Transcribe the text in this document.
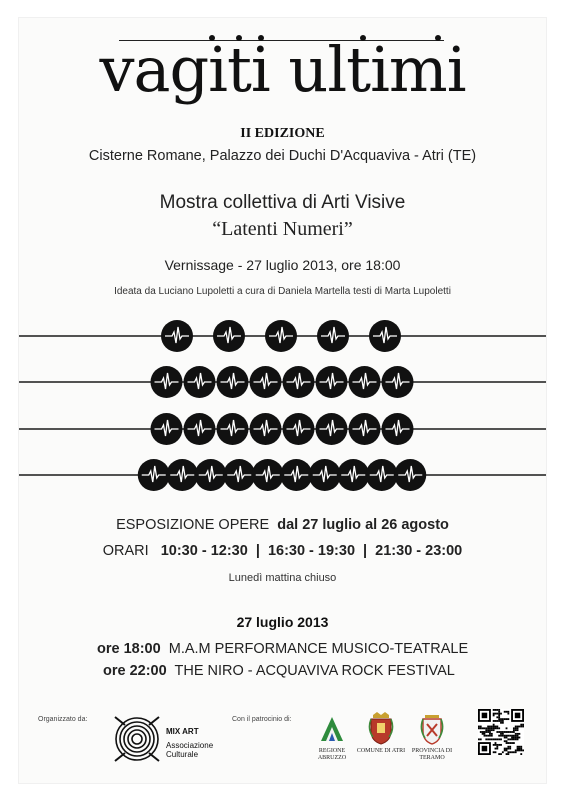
vagiti ultimi
II EDIZIONE
Cisterne Romane, Palazzo dei Duchi D'Acquaviva - Atri (TE)
Mostra collettiva di Arti Visive
“Latenti Numeri”
Vernissage - 27 luglio 2013, ore 18:00
Ideata da Luciano Lupoletti a cura di Daniela Martella testi di Marta Lupoletti
ESPOSIZIONE OPERE dal 27 luglio al 26 agosto
ORARI 10:30 - 12:30  |  16:30 - 19:30  |  21:30 - 23:00
Lunedì mattina chiuso
27 luglio 2013
ore 18:00 M.A.M PERFORMANCE MUSICO-TEATRALE
ore 22:00 THE NIRO - ACQUAVIVA ROCK FESTIVAL
Organizzato da:
MIX ART
Associazione Culturale
Con il patrocinio di:
REGIONE ABRUZZO
COMUNE DI ATRI	PROVINCIA DI TERAMO
